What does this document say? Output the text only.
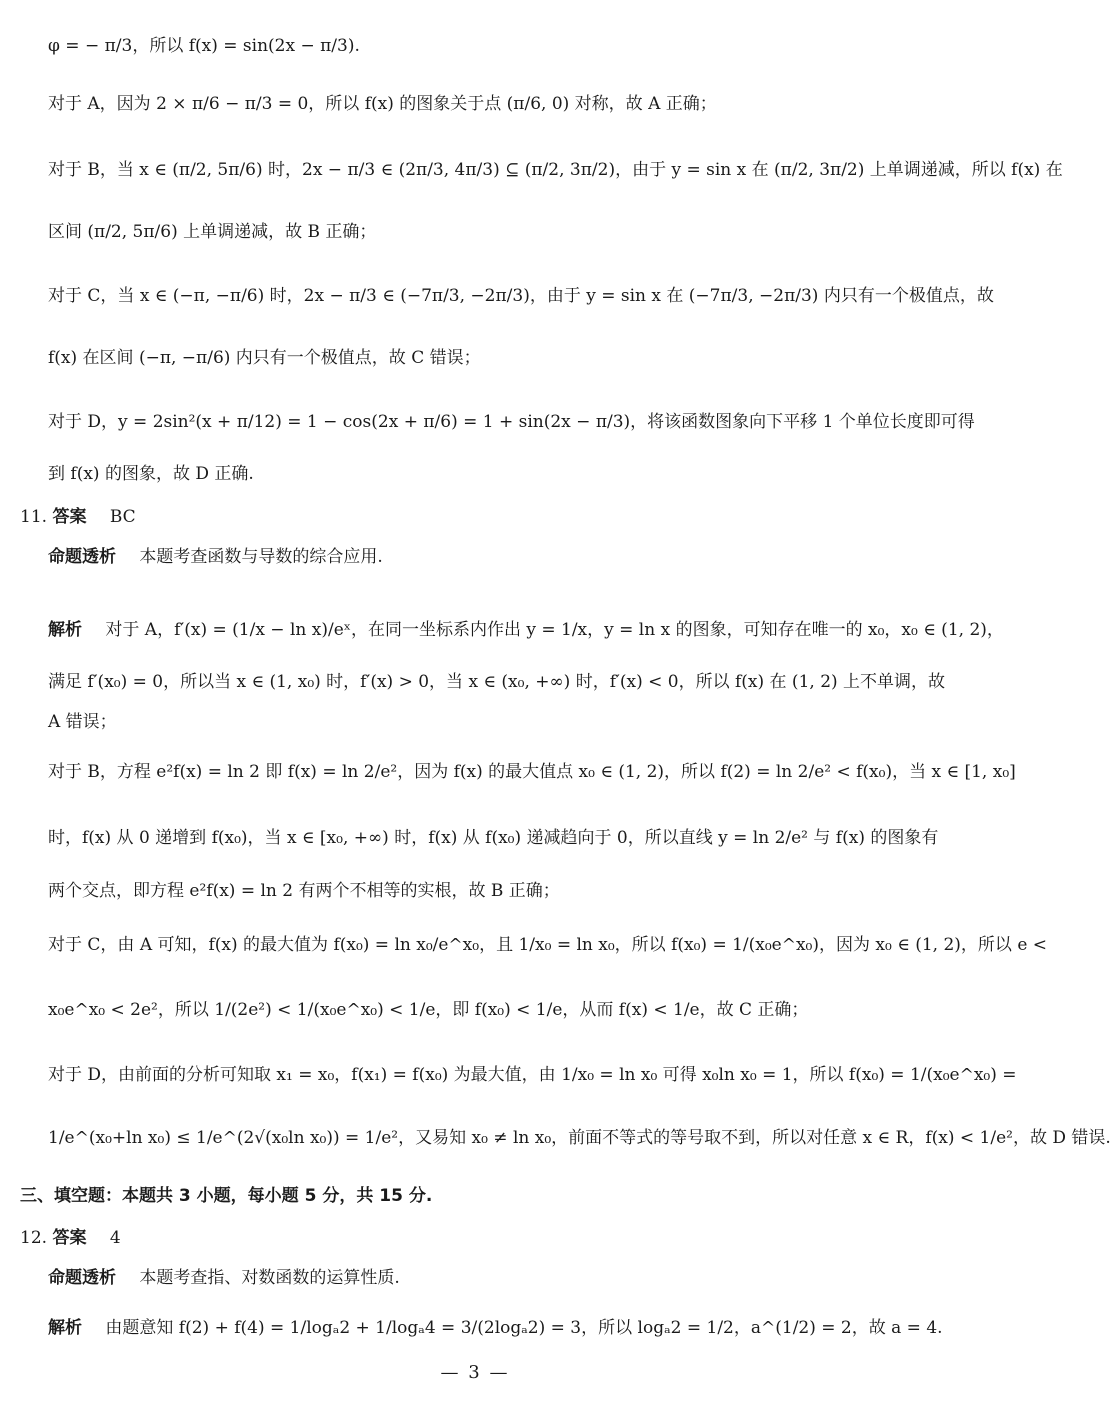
φ = − π/3，所以 f(x) = sin(2x − π/3).
对于 A，因为 2 × π/6 − π/3 = 0，所以 f(x) 的图象关于点 (π/6, 0) 对称，故 A 正确；
对于 B，当 x ∈ (π/2, 5π/6) 时，2x − π/3 ∈ (2π/3, 4π/3) ⊆ (π/2, 3π/2)，由于 y = sin x 在 (π/2, 3π/2) 上单调递减，所以 f(x) 在
区间 (π/2, 5π/6) 上单调递减，故 B 正确；
对于 C，当 x ∈ (−π, −π/6) 时，2x − π/3 ∈ (−7π/3, −2π/3)，由于 y = sin x 在 (−7π/3, −2π/3) 内只有一个极值点，故
f(x) 在区间 (−π, −π/6) 内只有一个极值点，故 C 错误；
对于 D，y = 2sin²(x + π/12) = 1 − cos(2x + π/6) = 1 + sin(2x − π/3)，将该函数图象向下平移 1 个单位长度即可得
到 f(x) 的图象，故 D 正确.
11. 答案 BC
命题透析 本题考查函数与导数的综合应用.
解析 对于 A，f′(x) = (1/x − ln x)/eˣ，在同一坐标系内作出 y = 1/x，y = ln x 的图象，可知存在唯一的 x₀，x₀ ∈ (1, 2)，
满足 f′(x₀) = 0，所以当 x ∈ (1, x₀) 时，f′(x) > 0，当 x ∈ (x₀, +∞) 时，f′(x) < 0，所以 f(x) 在 (1, 2) 上不单调，故
A 错误；
对于 B，方程 e²f(x) = ln 2 即 f(x) = ln 2/e²，因为 f(x) 的最大值点 x₀ ∈ (1, 2)，所以 f(2) = ln 2/e² < f(x₀)，当 x ∈ [1, x₀]
时，f(x) 从 0 递增到 f(x₀)，当 x ∈ [x₀, +∞) 时，f(x) 从 f(x₀) 递减趋向于 0，所以直线 y = ln 2/e² 与 f(x) 的图象有
两个交点，即方程 e²f(x) = ln 2 有两个不相等的实根，故 B 正确；
对于 C，由 A 可知，f(x) 的最大值为 f(x₀) = ln x₀/e^x₀，且 1/x₀ = ln x₀，所以 f(x₀) = 1/(x₀e^x₀)，因为 x₀ ∈ (1, 2)，所以 e <
x₀e^x₀ < 2e²，所以 1/(2e²) < 1/(x₀e^x₀) < 1/e，即 f(x₀) < 1/e，从而 f(x) < 1/e，故 C 正确；
对于 D，由前面的分析可知取 x₁ = x₀，f(x₁) = f(x₀) 为最大值，由 1/x₀ = ln x₀ 可得 x₀ln x₀ = 1，所以 f(x₀) = 1/(x₀e^x₀) =
1/e^(x₀+ln x₀) ≤ 1/e^(2√(x₀ln x₀)) = 1/e²，又易知 x₀ ≠ ln x₀，前面不等式的等号取不到，所以对任意 x ∈ R，f(x) < 1/e²，故 D 错误.
三、填空题：本题共 3 小题，每小题 5 分，共 15 分.
12. 答案 4
命题透析 本题考查指、对数函数的运算性质.
解析 由题意知 f(2) + f(4) = 1/logₐ2 + 1/logₐ4 = 3/(2logₐ2) = 3，所以 logₐ2 = 1/2，a^(1/2) = 2，故 a = 4.
— 3 —
